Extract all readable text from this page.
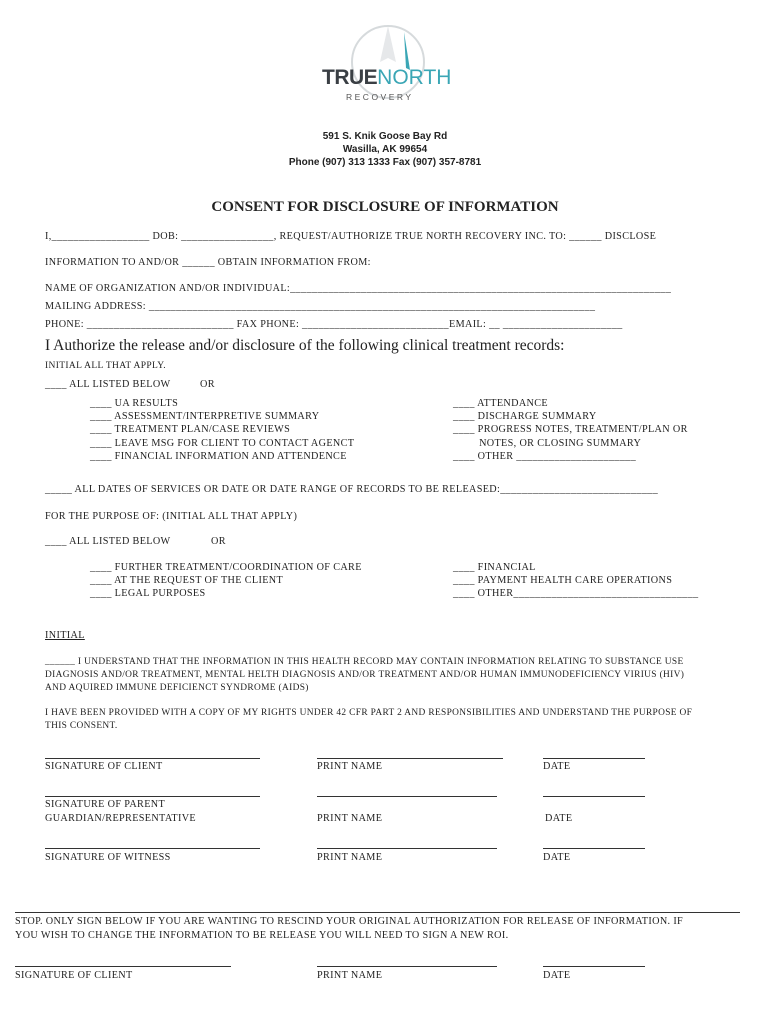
TRUENORTH
RECOVERY
591 S. Knik Goose Bay Rd
Wasilla, AK 99654
Phone (907) 313 1333 Fax (907) 357-8781
CONSENT FOR DISCLOSURE OF INFORMATION
I,__________________ DOB: _________________, REQUEST/AUTHORIZE TRUE NORTH RECOVERY INC. TO: ______ DISCLOSE
INFORMATION TO AND/OR ______ OBTAIN INFORMATION FROM:
NAME OF ORGANIZATION AND/OR INDIVIDUAL:______________________________________________________________________
MAILING ADDRESS: __________________________________________________________________________________
PHONE: ___________________________ FAX PHONE: ___________________________EMAIL: __ ______________________
I Authorize the release and/or disclosure of the following clinical treatment records:
INITIAL ALL THAT APPLY.
____ ALL LISTED BELOW	OR
____ UA RESULTS
____ ASSESSMENT/INTERPRETIVE SUMMARY
____ TREATMENT PLAN/CASE REVIEWS
____ LEAVE MSG FOR CLIENT TO CONTACT AGENCT
____ FINANCIAL INFORMATION AND ATTENDENCE
____ ATTENDANCE
____ DISCHARGE SUMMARY
____ PROGRESS NOTES, TREATMENT/PLAN OR
NOTES, OR CLOSING SUMMARY
____ OTHER ______________________
_____ ALL DATES OF SERVICES OR DATE OR DATE RANGE OF RECORDS TO BE RELEASED:_____________________________
FOR THE PURPOSE OF: (INITIAL ALL THAT APPLY)
____ ALL LISTED BELOW	OR
____ FURTHER TREATMENT/COORDINATION OF CARE
____ AT THE REQUEST OF THE CLIENT
____ LEGAL PURPOSES
____ FINANCIAL
____ PAYMENT HEALTH CARE OPERATIONS
____ OTHER__________________________________
INITIAL
______ I UNDERSTAND THAT THE INFORMATION IN THIS HEALTH RECORD MAY CONTAIN INFORMATION RELATING TO SUBSTANCE USE
DIAGNOSIS AND/OR TREATMENT, MENTAL HELTH DIAGNOSIS AND/OR TREATMENT AND/OR HUMAN IMMUNODEFICIENCY VIRIUS (HIV)
AND AQUIRED IMMUNE DEFICIENCT SYNDROME (AIDS)
I HAVE BEEN PROVIDED WITH A COPY OF MY RIGHTS UNDER 42 CFR PART 2 AND RESPONSIBILITIES AND UNDERSTAND THE PURPOSE OF
THIS CONSENT.
SIGNATURE OF CLIENT	PRINT NAME	DATE
SIGNATURE OF PARENT
GUARDIAN/REPRESENTATIVE	PRINT NAME	DATE
SIGNATURE OF WITNESS	PRINT NAME	DATE
STOP. ONLY SIGN BELOW IF YOU ARE WANTING TO RESCIND YOUR ORIGINAL AUTHORIZATION FOR RELEASE OF INFORMATION. IF
YOU WISH TO CHANGE THE INFORMATION TO BE RELEASE YOU WILL NEED TO SIGN A NEW ROI.
SIGNATURE OF CLIENT	PRINT NAME	DATE
